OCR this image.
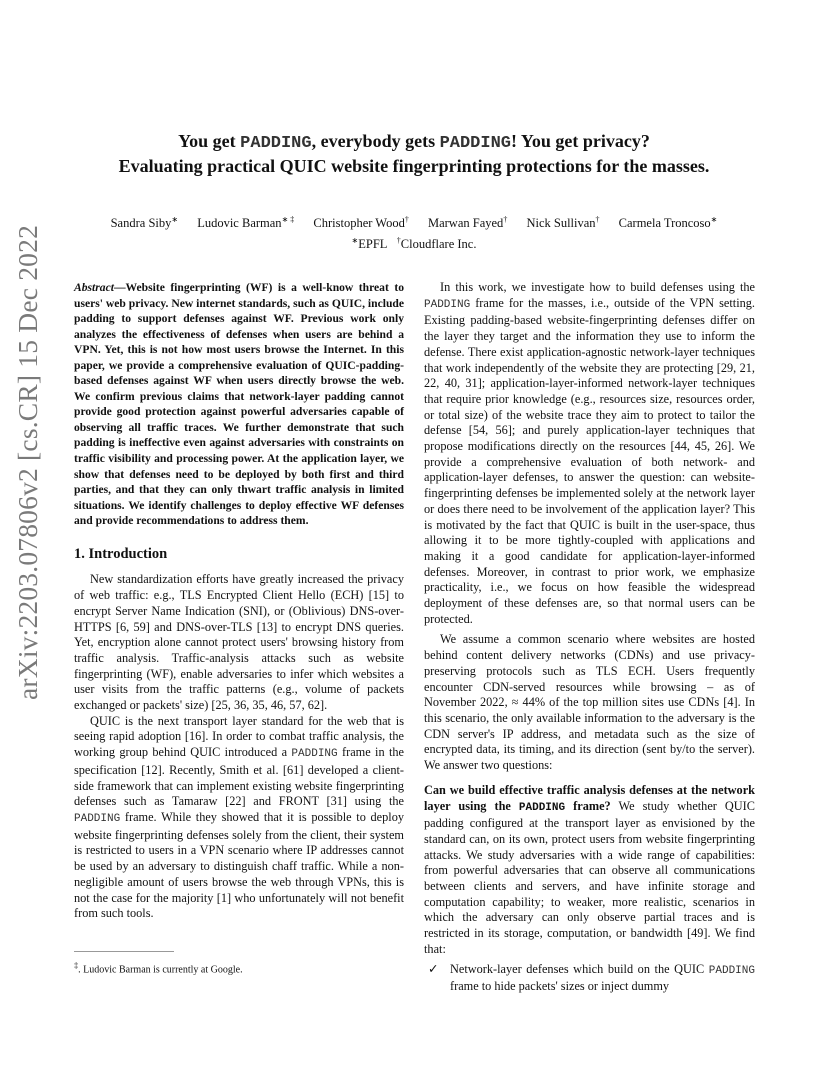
arXiv:2203.07806v2 [cs.CR] 15 Dec 2022
You get PADDING, everybody gets PADDING! You get privacy?
Evaluating practical QUIC website fingerprinting protections for the masses.
Sandra Siby∗ Ludovic Barman∗ ‡ Christopher Wood† Marwan Fayed† Nick Sullivan† Carmela Troncoso∗
∗EPFL †Cloudflare Inc.
Abstract—Website fingerprinting (WF) is a well-know threat to users' web privacy. New internet standards, such as QUIC, include padding to support defenses against WF. Previous work only analyzes the effectiveness of defenses when users are behind a VPN. Yet, this is not how most users browse the Internet. In this paper, we provide a comprehensive evaluation of QUIC-padding-based defenses against WF when users directly browse the web. We confirm previous claims that network-layer padding cannot provide good protection against powerful adversaries capable of observing all traffic traces. We further demonstrate that such padding is ineffective even against adversaries with constraints on traffic visibility and processing power. At the application layer, we show that defenses need to be deployed by both first and third parties, and that they can only thwart traffic analysis in limited situations. We identify challenges to deploy effective WF defenses and provide recommendations to address them.
1. Introduction

New standardization efforts have greatly increased the privacy of web traffic: e.g., TLS Encrypted Client Hello (ECH) [15] to encrypt Server Name Indication (SNI), or (Oblivious) DNS-over-HTTPS [6, 59] and DNS-over-TLS [13] to encrypt DNS queries. Yet, encryption alone cannot protect users' browsing history from traffic analysis. Traffic-analysis attacks such as website fingerprinting (WF), enable adversaries to infer which websites a user visits from the traffic patterns (e.g., volume of packets exchanged or packets' size) [25, 36, 35, 46, 57, 62].

QUIC is the next transport layer standard for the web that is seeing rapid adoption [16]. In order to combat traffic analysis, the working group behind QUIC introduced a PADDING frame in the specification [12]. Recently, Smith et al. [61] developed a client-side framework that can implement existing website fingerprinting defenses such as Tamaraw [22] and FRONT [31] using the PADDING frame. While they showed that it is possible to deploy website fingerprinting defenses solely from the client, their system is restricted to users in a VPN scenario where IP addresses cannot be used by an adversary to distinguish chaff traffic. While a non-negligible amount of users browse the web through VPNs, this is not the case for the majority [1] who unfortunately will not benefit from such tools.

‡. Ludovic Barman is currently at Google.

In this work, we investigate how to build defenses using the PADDING frame for the masses, i.e., outside of the VPN setting. Existing padding-based website-fingerprinting defenses differ on the layer they target and the information they use to inform the defense. There exist application-agnostic network-layer techniques that work independently of the website they are protecting [29, 21, 22, 40, 31]; application-layer-informed network-layer techniques that require prior knowledge (e.g., resources size, resources order, or total size) of the website trace they aim to protect to tailor the defense [54, 56]; and purely application-layer techniques that propose modifications directly on the resources [44, 45, 26]. We provide a comprehensive evaluation of both network- and application-layer defenses, to answer the question: can website-fingerprinting defenses be implemented solely at the network layer or does there need to be involvement of the application layer? This is motivated by the fact that QUIC is built in the user-space, thus allowing it to be more tightly-coupled with applications and making it a good candidate for application-layer-informed defenses. Moreover, in contrast to prior work, we emphasize practicality, i.e., we focus on how feasible the widespread deployment of these defenses are, so that normal users can be protected.

We assume a common scenario where websites are hosted behind content delivery networks (CDNs) and use privacy-preserving protocols such as TLS ECH. Users frequently encounter CDN-served resources while browsing – as of November 2022, ≈ 44% of the top million sites use CDNs [4]. In this scenario, the only available information to the adversary is the CDN server's IP address, and metadata such as the size of encrypted data, its timing, and its direction (sent by/to the server). We answer two questions:

Can we build effective traffic analysis defenses at the network layer using the PADDING frame? We study whether QUIC padding configured at the transport layer as envisioned by the standard can, on its own, protect users from website fingerprinting attacks. We study adversaries with a wide range of capabilities: from powerful adversaries that can observe all communications between clients and servers, and have infinite storage and computation capability; to weaker, more realistic, scenarios in which the adversary can only observe partial traces and is restricted in its storage, computation, or bandwidth [49]. We find that:

✓ Network-layer defenses which build on the QUIC PADDING frame to hide packets' sizes or inject dummy
